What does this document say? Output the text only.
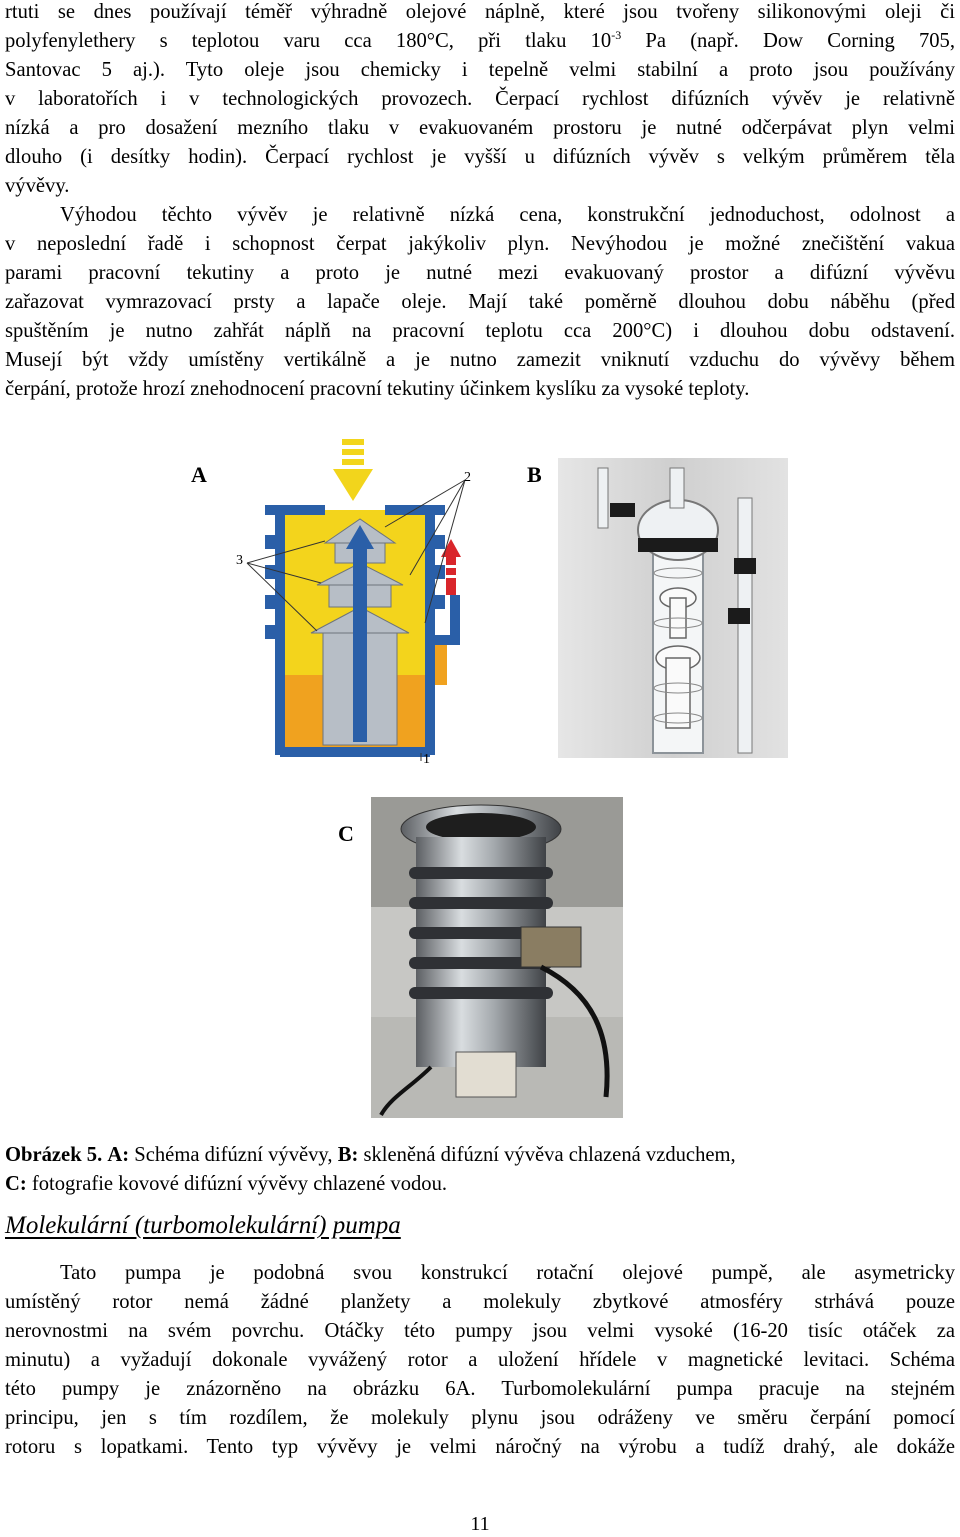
rtuti se dnes používají téměř výhradně olejové náplně, které jsou tvořeny silikonovými oleji či
polyfenylethery s teplotou varu cca 180°C, při tlaku $10^{-3}$ Pa (např. Dow Corning 705,
Santovac 5 aj.). Tyto oleje jsou chemicky i tepelně velmi stabilní a proto jsou používány
v laboratořích i v technologických provozech. Čerpací rychlost difúzních vývěv je relativně
nízká a pro dosažení mezního tlaku v evakuovaném prostoru je nutné odčerpávat plyn velmi
dlouho (i desítky hodin). Čerpací rychlost je vyšší u difúzních vývěv s velkým průměrem těla
vývěvy.
Výhodou těchto vývěv je relativně nízká cena, konstrukční jednoduchost, odolnost a
v neposlední řadě i schopnost čerpat jakýkoliv plyn. Nevýhodou je možné znečištění vakua
parami pracovní tekutiny a proto je nutné mezi evakuovaný prostor a difúzní vývěvu
zařazovat vymrazovací prsty a lapače oleje. Mají také poměrně dlouhou dobu náběhu (před
spuštěním je nutno zahřát náplň na pracovní teplotu cca 200°C) i dlouhou dobu odstavení.
Musejí být vždy umístěny vertikálně a je nutno zamezit vniknutí vzduchu do vývěvy během
čerpání, protože hrozí znehodnocení pracovní tekutiny účinkem kyslíku za vysoké teploty.
A	B
C
2
3
1
Obrázek 5. A: Schéma difúzní vývěvy, B: skleněná difúzní vývěva chlazená vzduchem,
C: fotografie kovové difúzní vývěvy chlazené vodou.
Molekulární (turbomolekulární) pumpa
Tato pumpa je podobná svou konstrukcí rotační olejové pumpě, ale asymetricky
umístěný rotor nemá žádné planžety a molekuly zbytkové atmosféry strhává pouze
nerovnostmi na svém povrchu. Otáčky této pumpy jsou velmi vysoké (16-20 tisíc otáček za
minutu) a vyžadují dokonale vyvážený rotor a uložení hřídele v magnetické levitaci. Schéma
této pumpy je znázorněno na obrázku 6A. Turbomolekulární pumpa pracuje na stejném
principu, jen s tím rozdílem, že molekuly plynu jsou odráženy ve směru čerpání pomocí
rotoru s lopatkami. Tento typ vývěvy je velmi náročný na výrobu a tudíž drahý, ale dokáže
11
